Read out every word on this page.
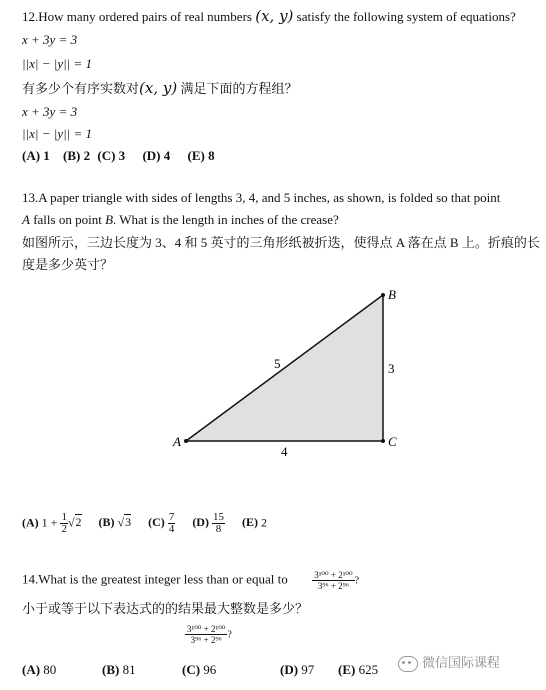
12.How many ordered pairs of real numbers (x, y) satisfy the following system of equations?
x + 3y = 3
||x| − |y|| = 1
有多少个有序实数对(x, y) 满足下面的方程组？
x + 3y = 3
||x| − |y|| = 1
(A) 1 (B) 2 (C) 3 (D) 4 (E) 8
13.A paper triangle with sides of lengths 3, 4, and 5 inches, as shown, is folded so that point
A falls on point B. What is the length in inches of the crease?
如图所示，三边长度为 3、4 和 5 英寸的三角形纸被折迭，使得点 A 落在点 B 上。折痕的长
度是多少英寸？
A
B
C
5	3
4
(A) $1 + \frac{1}{2} √2$ (B) √3 $(C) \frac{7}{4} (D) \frac{15}{8} (E)$ 2
14.What is the greatest integer less than or equal to	$\frac{\text{3¹⁰⁰ + 2¹⁰⁰}}{\text{3⁹⁶ + 2⁹⁶}}$ ?
小于或等于以下表达式的的结果最大整数是多少？
$\frac{\text{3¹⁰⁰ + 2¹⁰⁰}}{\text{3⁹⁶ + 2⁹⁶}}$ ?
(A) 80	(B) 81	(C) 96	(D) 97 (E) 625	微信国际课程
